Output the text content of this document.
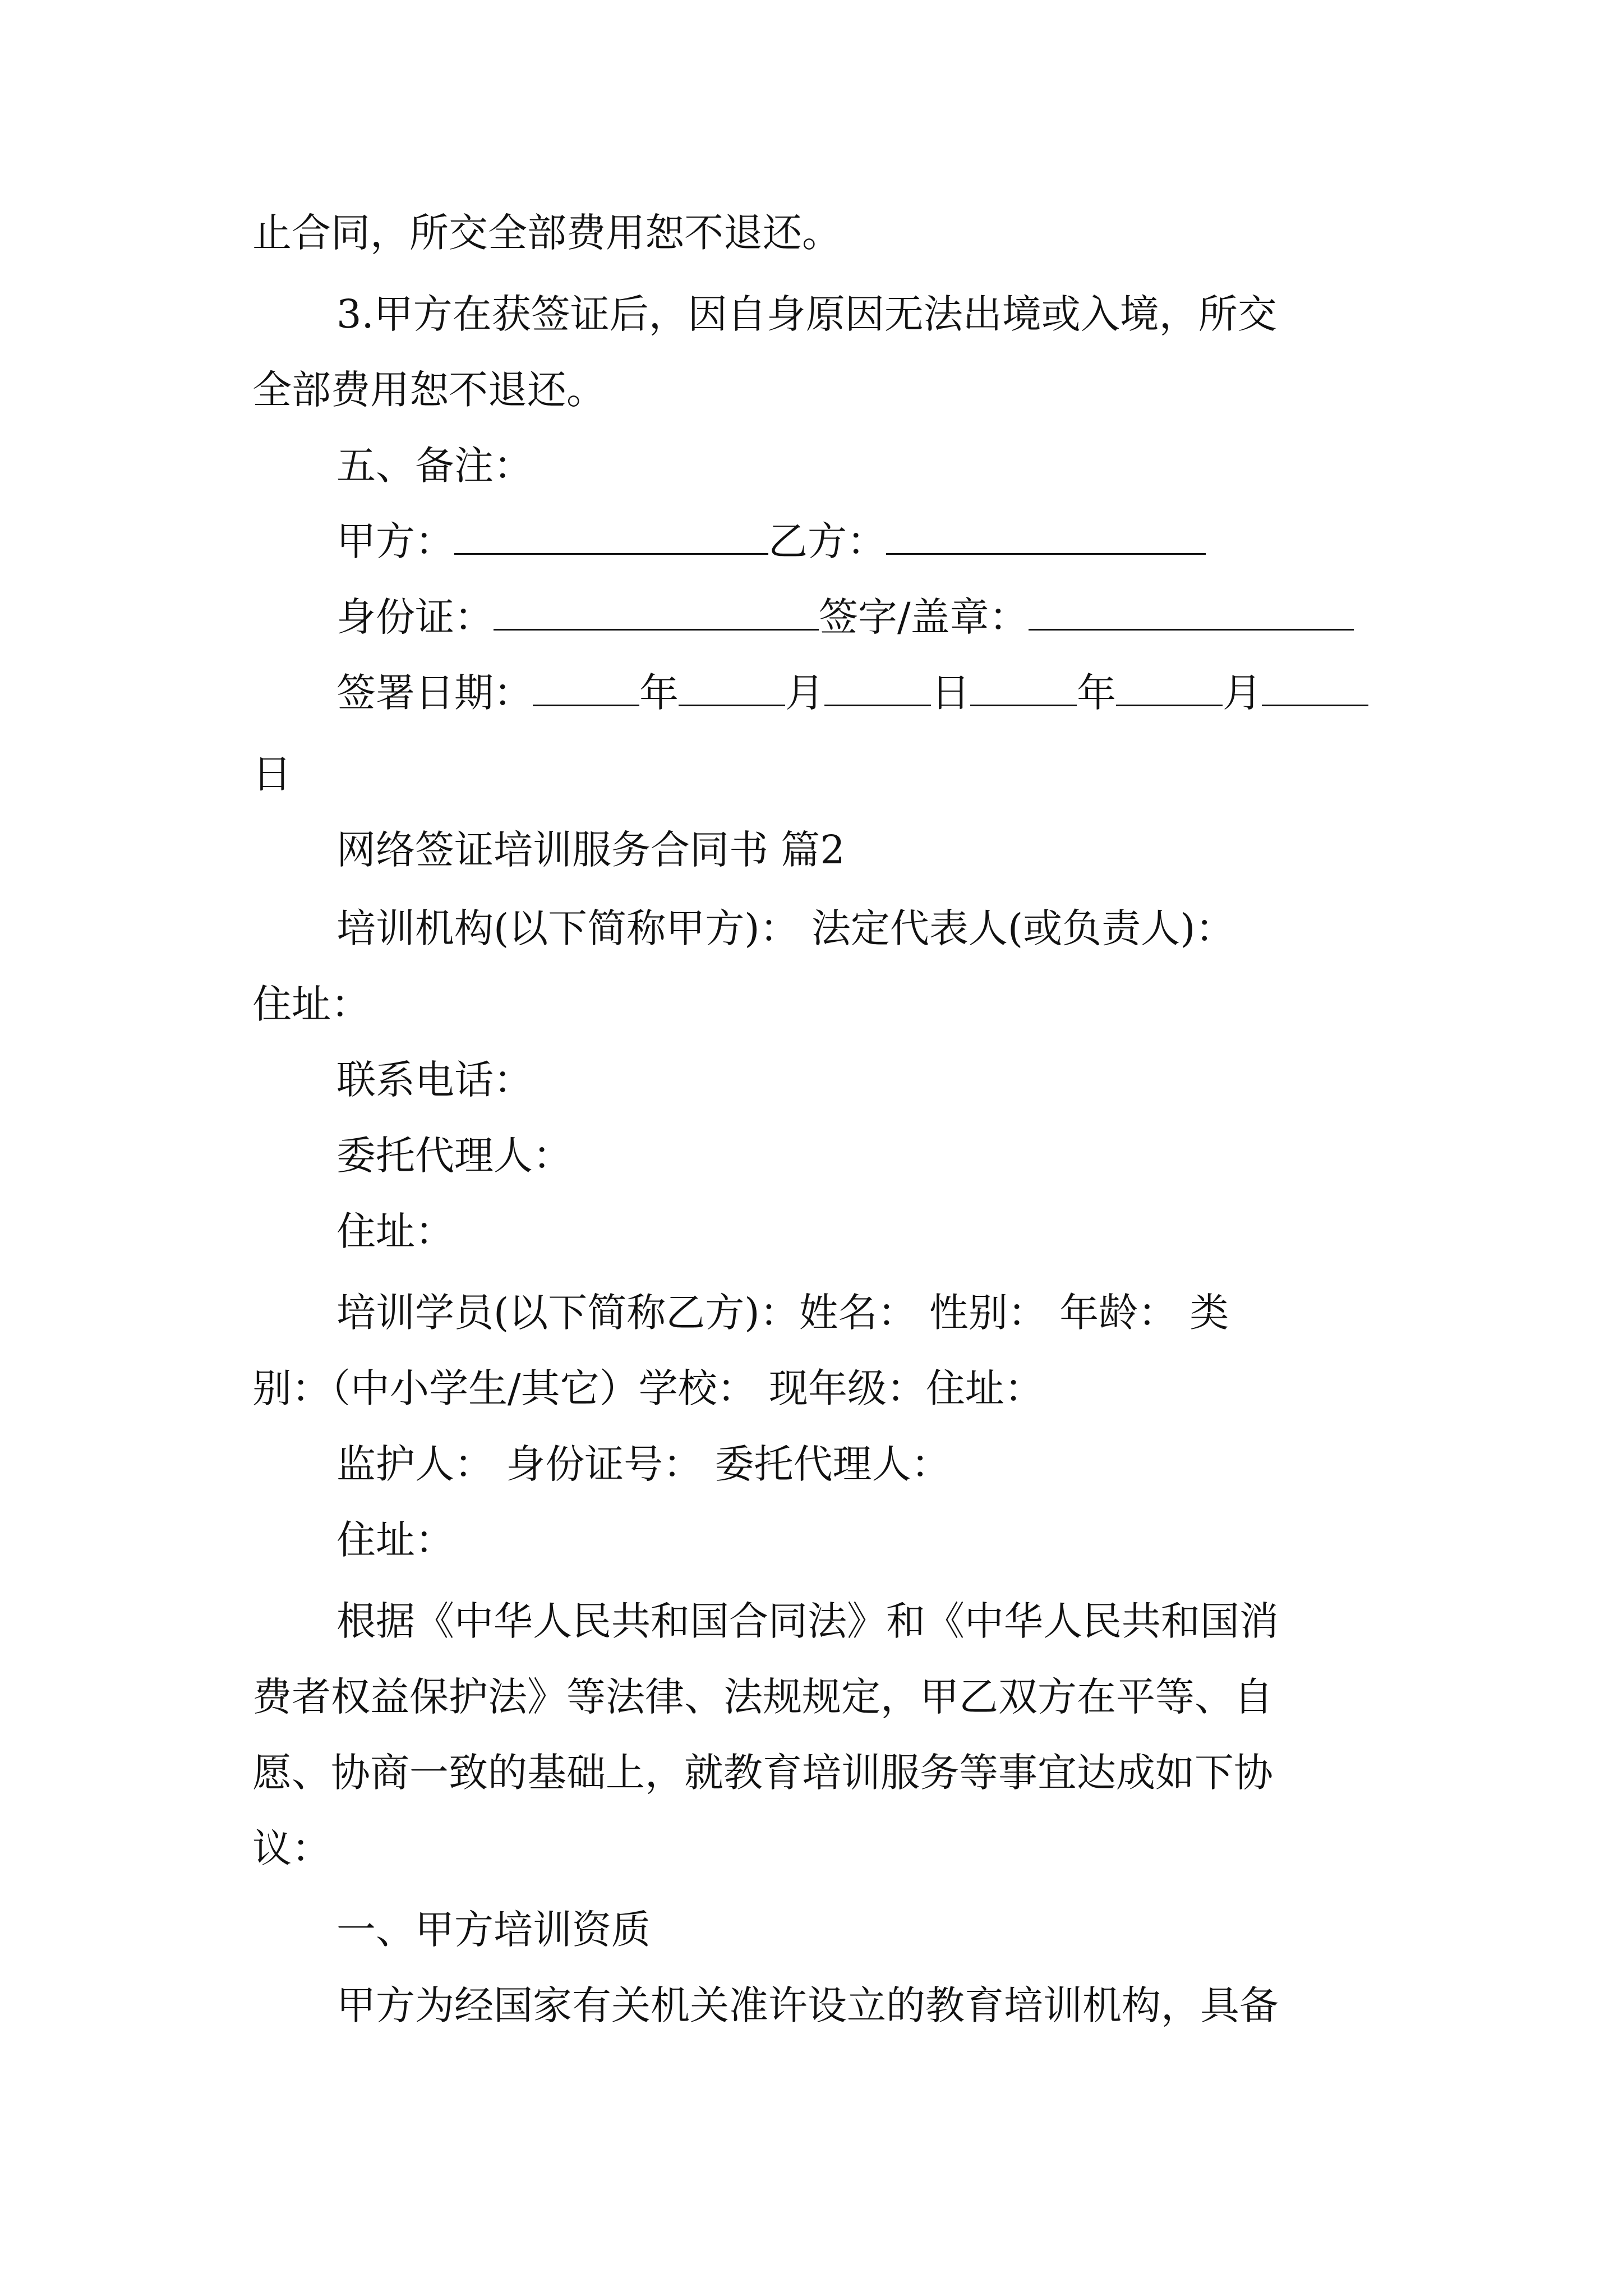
止合同，所交全部费用恕不退还。
3.甲方在获签证后，因自身原因无法出境或入境，所交
全部费用恕不退还。
五、备注：
甲方：	乙方：
身份证：	签字/盖章：
签署日期：	年	月	日	年	月
日
网络签证培训服务合同书 篇2
培训机构(以下简称甲方)： 法定代表人(或负责人)：
住址：
联系电话：
委托代理人：
住址：
培训学员(以下简称乙方)：姓名： 性别： 年龄： 类
别：（中小学生/其它）学校： 现年级：住址：
监护人： 身份证号： 委托代理人：
住址：
根据《中华人民共和国合同法》和《中华人民共和国消
费者权益保护法》等法律、法规规定，甲乙双方在平等、自
愿、协商一致的基础上，就教育培训服务等事宜达成如下协
议：
一、甲方培训资质
甲方为经国家有关机关准许设立的教育培训机构，具备
